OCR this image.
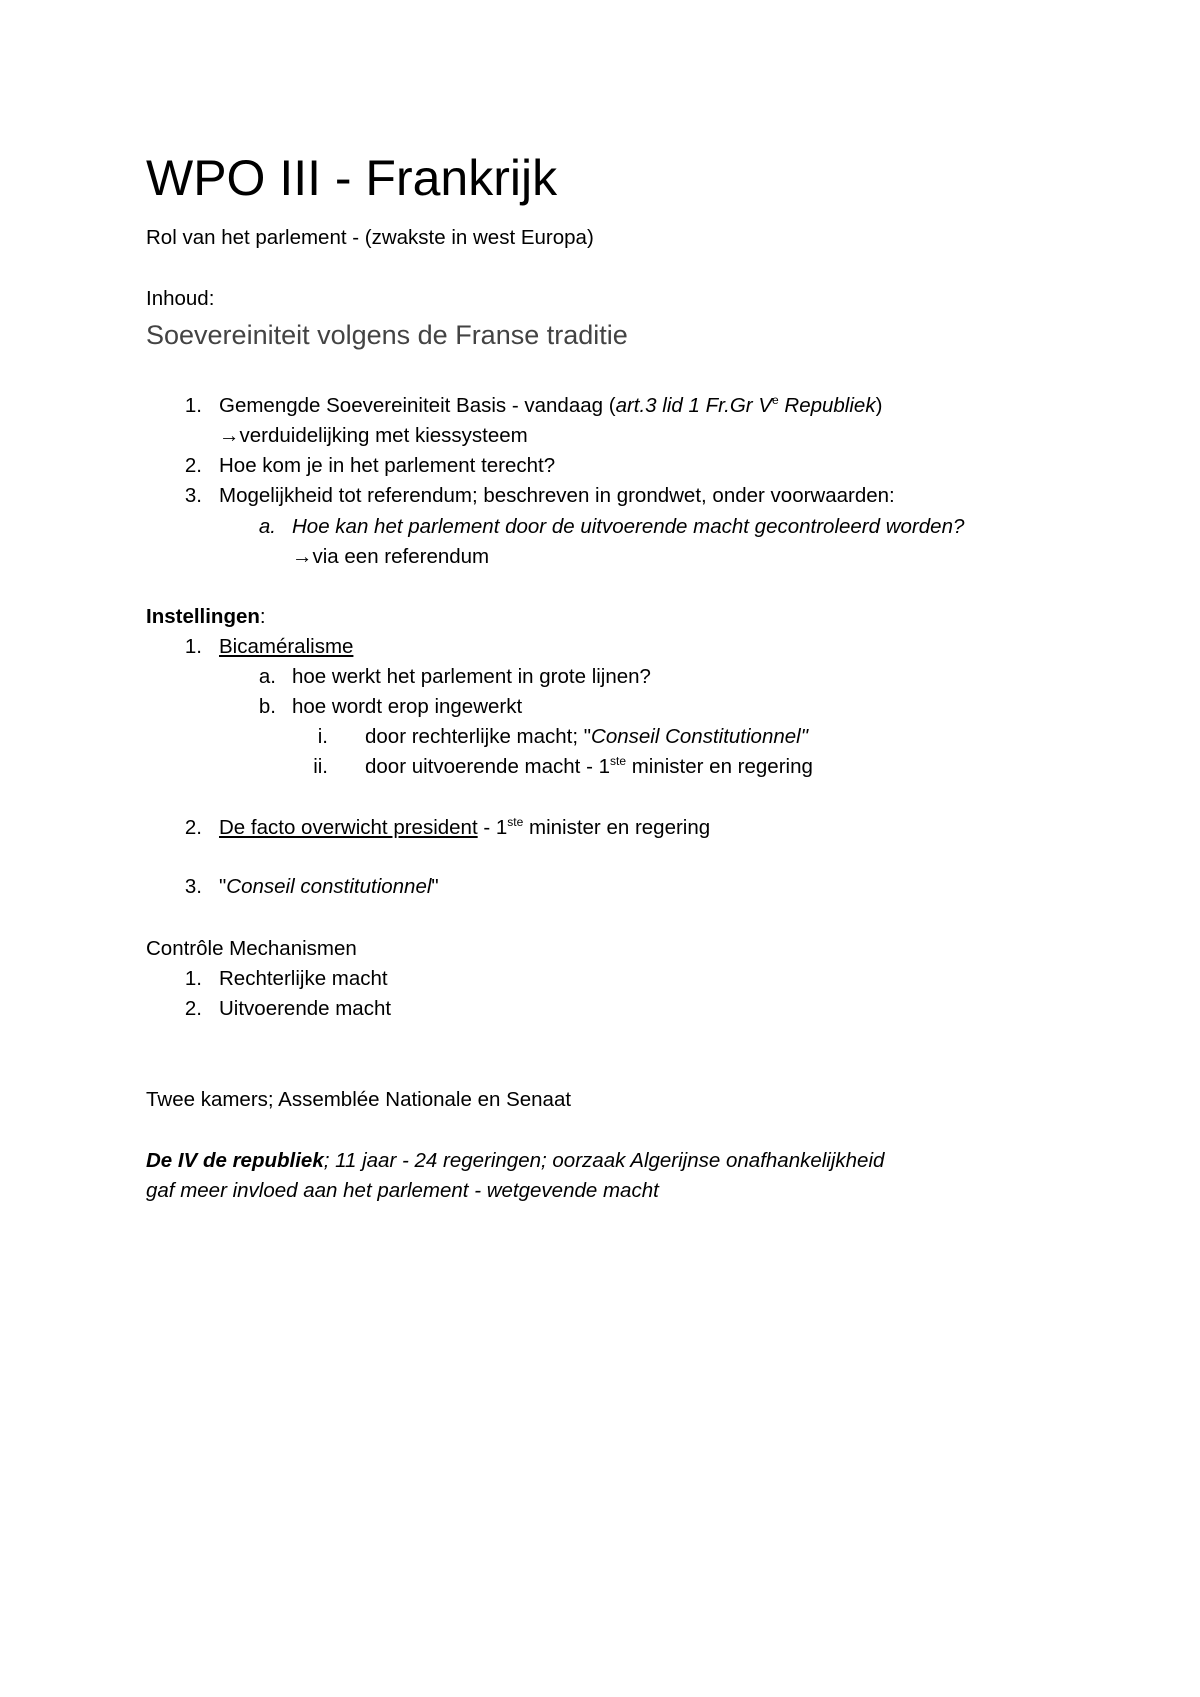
WPO III - Frankrijk

Rol van het parlement - (zwakste in west Europa)

Inhoud:

Soevereiniteit volgens de Franse traditie
1. Gemengde Soevereiniteit Basis - vandaag (art.3 lid 1 Fr.Gr Ve Republiek)

→verduidelijking met kiessysteem

2. Hoe kom je in het parlement terecht?

3. Mogelijkheid tot referendum; beschreven in grondwet, onder voorwaarden:

a. Hoe kan het parlement door de uitvoerende macht gecontroleerd worden?

→via een referendum

Instellingen:

1. Bicaméralisme

a. hoe werkt het parlement in grote lijnen?

b. hoe wordt erop ingewerkt

i. door rechterlijke macht; "Conseil Constitutionnel"

ii. door uitvoerende macht - 1ste minister en regering

2. De facto overwicht president - 1ste minister en regering

3. "Conseil constitutionnel"

Contrôle Mechanismen

1. Rechterlijke macht

2. Uitvoerende macht

Twee kamers; Assemblée Nationale en Senaat

De IV de republiek; 11 jaar - 24 regeringen; oorzaak Algerijnse onafhankelijkheid

gaf meer invloed aan het parlement - wetgevende macht
